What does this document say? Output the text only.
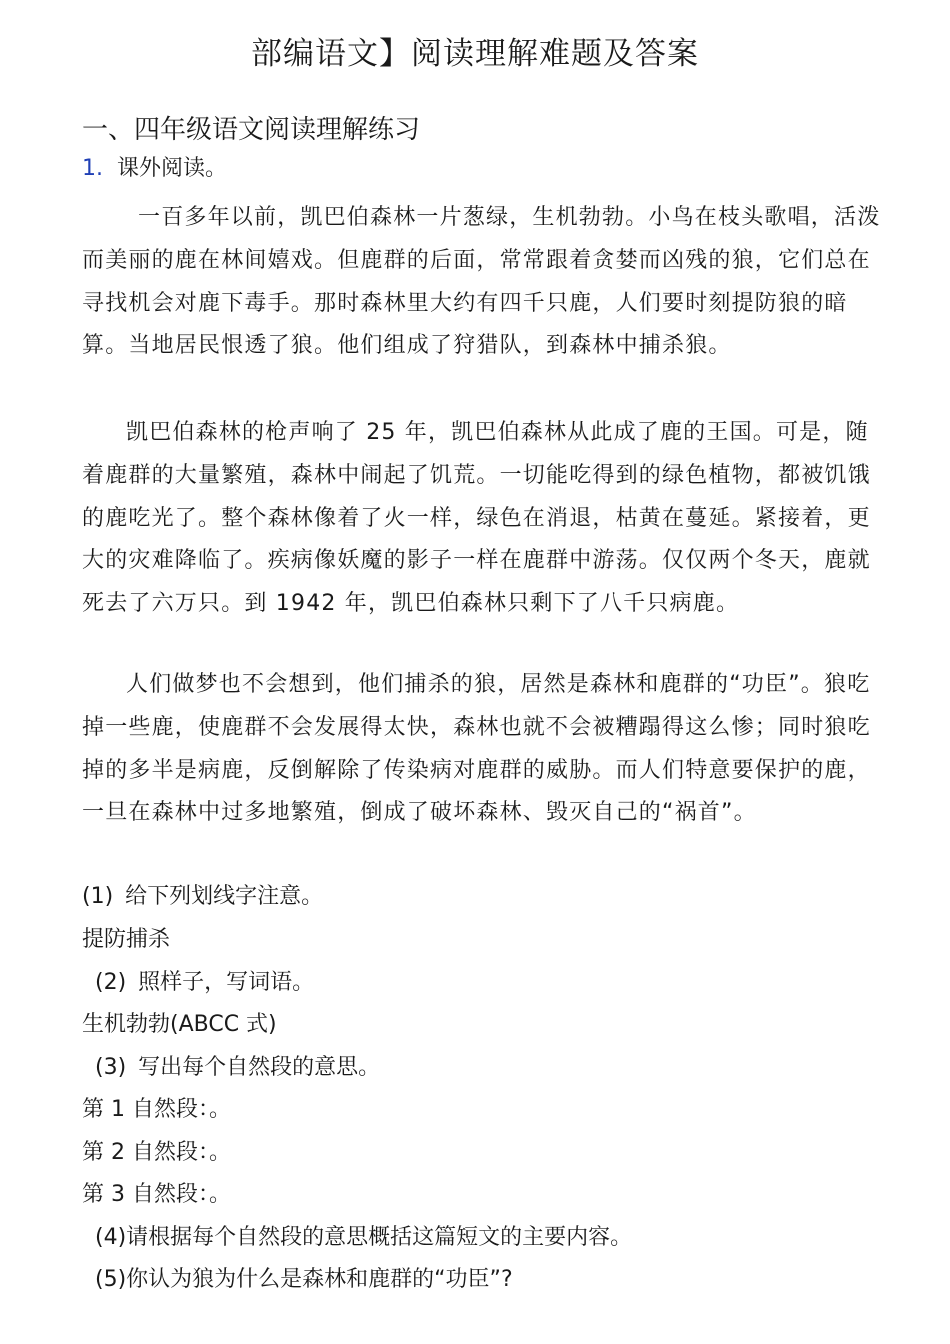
部编语文】阅读理解难题及答案
一、四年级语文阅读理解练习
1. 课外阅读。

一百多年以前，凯巴伯森林一片葱绿，生机勃勃。小鸟在枝头歌唱，活泼而美丽的鹿在林间嬉戏。但鹿群的后面，常常跟着贪婪而凶残的狼，它们总在寻找机会对鹿下毒手。那时森林里大约有四千只鹿，人们要时刻提防狼的暗算。当地居民恨透了狼。他们组成了狩猎队，到森林中捕杀狼。

凯巴伯森林的枪声响了 25 年，凯巴伯森林从此成了鹿的王国。可是，随着鹿群的大量繁殖，森林中闹起了饥荒。一切能吃得到的绿色植物，都被饥饿的鹿吃光了。整个森林像着了火一样，绿色在消退，枯黄在蔓延。紧接着，更大的灾难降临了。疾病像妖魔的影子一样在鹿群中游荡。仅仅两个冬天，鹿就死去了六万只。到 1942 年，凯巴伯森林只剩下了八千只病鹿。

人们做梦也不会想到，他们捕杀的狼，居然是森林和鹿群的“功臣”。狼吃掉一些鹿，使鹿群不会发展得太快，森林也就不会被糟蹋得这么惨；同时狼吃掉的多半是病鹿，反倒解除了传染病对鹿群的威胁。而人们特意要保护的鹿，一旦在森林中过多地繁殖，倒成了破坏森林、毁灭自己的“祸首”。

(1) 给下列划线字注意。
提防捕杀
(2) 照样子，写词语。
生机勃勃(ABCC 式)
(3) 写出每个自然段的意思。
第 1 自然段：。
第 2 自然段：。
第 3 自然段：。
(4)请根据每个自然段的意思概括这篇短文的主要内容。
(5)你认为狼为什么是森林和鹿群的“功臣”?
